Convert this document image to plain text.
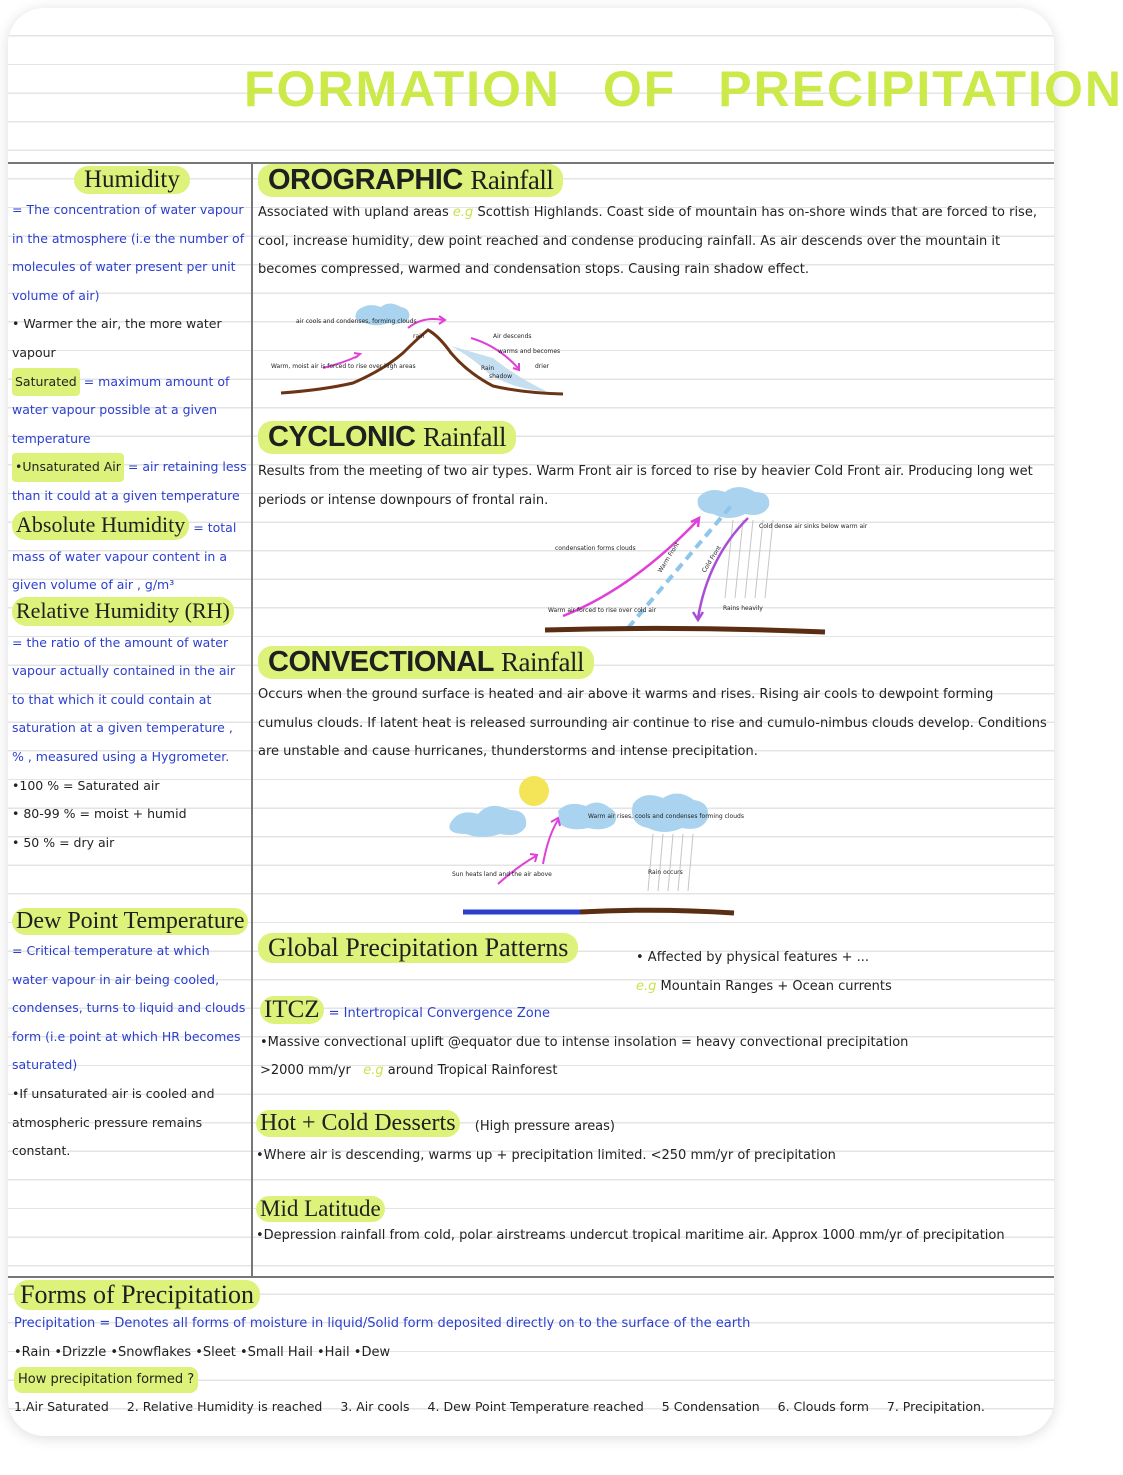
FORMATION OF PRECIPITATION
Humidity
= The concentration of water vapour in the atmosphere (i.e the number of molecules of water present per unit volume of air)
• Warmer the air, the more water vapour
Saturated = maximum amount of water vapour possible at a given temperature
•Unsaturated Air = air retaining less than it could at a given temperature
Absolute Humidity = total mass of water vapour content in a given volume of air , g/m³
Relative Humidity (RH) = the ratio of the amount of water vapour actually contained in the air to that which it could contain at saturation at a given temperature , % , measured using a Hygrometer.
•100 % = Saturated air
• 80-99 % = moist + humid
• 50 % = dry air
Dew Point Temperature
= Critical temperature at which water vapour in air being cooled, condenses, turns to liquid and clouds form (i.e point at which HR becomes saturated)
•If unsaturated air is cooled and atmospheric pressure remains constant.
OROGRAPHIC Rainfall
Associated with upland areas e.g Scottish Highlands. Coast side of mountain has on-shore winds that are forced to rise, cool, increase humidity, dew point reached and condense producing rainfall. As air descends over the mountain it becomes compressed, warmed and condensation stops. Causing rain shadow effect.
air cools and condenses, forming clouds
rain
Warm, moist air is forced to rise over high areas
Air descends
warms and becomes
drier
Rain
shadow
CYCLONIC Rainfall
Results from the meeting of two air types. Warm Front air is forced to rise by heavier Cold Front air. Producing long wet periods or intense downpours of frontal rain.
condensation forms clouds	Warm Front	Cold Front
Cold dense air sinks below warm air
Warm air forced to rise over cold air	Rains heavily
CONVECTIONAL Rainfall
Occurs when the ground surface is heated and air above it warms and rises. Rising air cools to dewpoint forming cumulus clouds. If latent heat is released surrounding air continue to rise and cumulo-nimbus clouds develop. Conditions are unstable and cause hurricanes, thunderstorms and intense precipitation.
Warm air rises, cools and condenses forming clouds
Sun heats land and the air above	Rain occurs
Global Precipitation Patterns	• Affected by physical features + ...
e.g Mountain Ranges + Ocean currents
ITCZ = Intertropical Convergence Zone
•Massive convectional uplift @equator due to intense insolation = heavy convectional precipitation
>2000 mm/yr e.g around Tropical Rainforest
Hot + Cold Desserts (High pressure areas)
•Where air is descending, warms up + precipitation limited. <250 mm/yr of precipitation
Mid Latitude
•Depression rainfall from cold, polar airstreams undercut tropical maritime air. Approx 1000 mm/yr of precipitation
Forms of Precipitation
Precipitation = Denotes all forms of moisture in liquid/Solid form deposited directly on to the surface of the earth
•Rain •Drizzle •Snowflakes •Sleet •Small Hail •Hail •Dew
How precipitation formed ?
1.Air Saturated 2. Relative Humidity is reached 3. Air cools 4. Dew Point Temperature reached 5 Condensation 6. Clouds form 7. Precipitation.
